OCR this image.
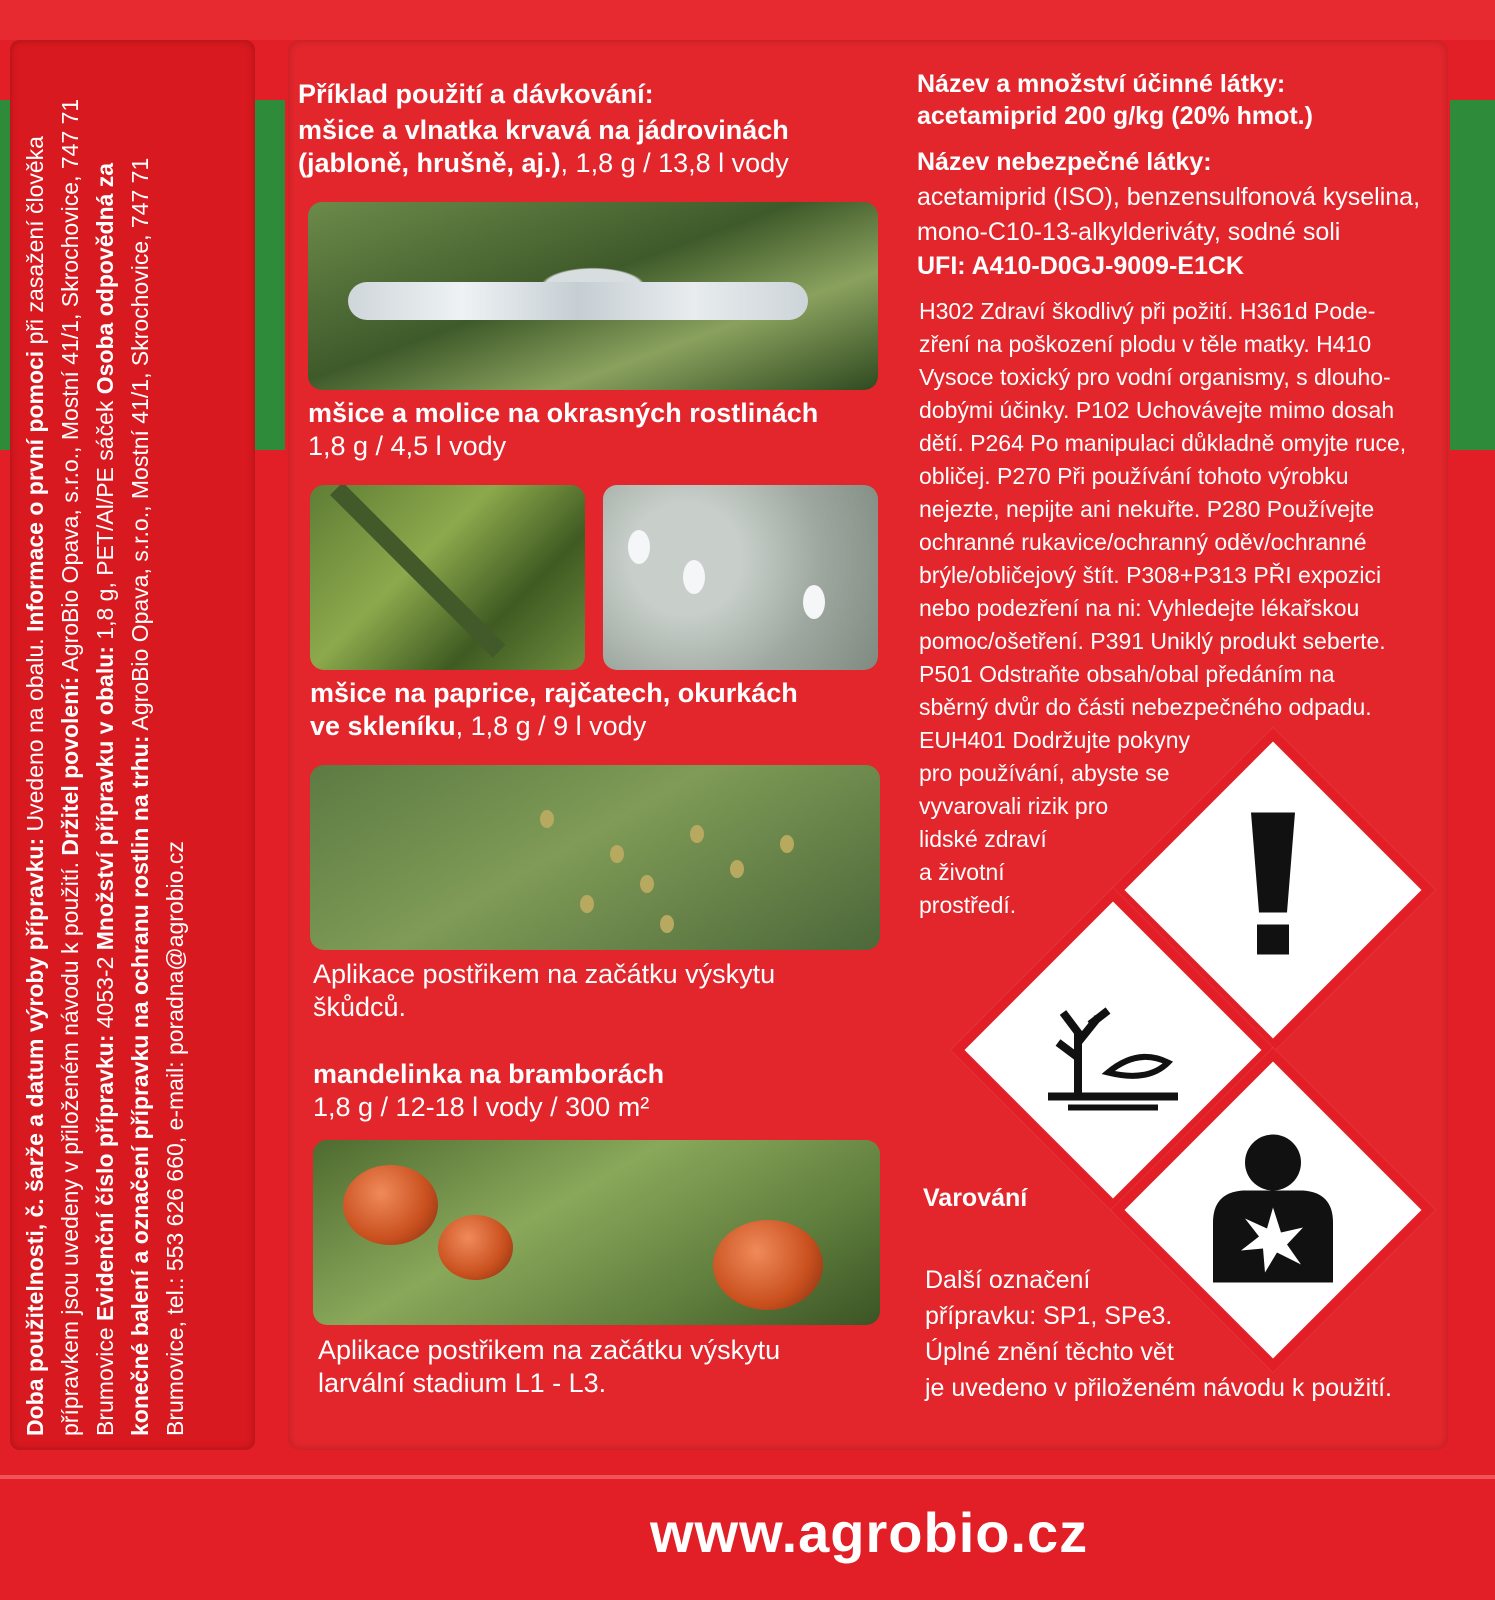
Doba použitelnosti, č. šarže a datum výroby přípravku: Uvedeno na obalu. Informace o první pomoci při zasažení člověka přípravkem jsou uvedeny v přiloženém návodu k použití. Držitel povolení: AgroBio Opava, s.r.o., Mostní 41/1, Skrochovice, 747 71 Brumovice Evidenční číslo přípravku: 4053-2 Množství přípravku v obalu: 1,8 g, PET/Al/PE sáček Osoba odpovědná za konečné balení a označení přípravku na ochranu rostlin na trhu: AgroBio Opava, s.r.o., Mostní 41/1, Skrochovice, 747 71 Brumovice, tel.: 553 626 660, e-mail: poradna@agrobio.cz
Příklad použití a dávkování:
mšice a vlnatka krvavá na jádrovinách
(jabloně, hrušně, aj.), 1,8 g / 13,8 l vody
mšice a molice na okrasných rostlinách
1,8 g / 4,5 l vody
mšice na paprice, rajčatech, okurkách
ve skleníku, 1,8 g / 9 l vody
Aplikace postřikem na začátku výskytu
škůdců.
mandelinka na bramborách
1,8 g / 12-18 l vody / 300 m²
Aplikace postřikem na začátku výskytu
larvální stadium L1 - L3.
Název a množství účinné látky:
acetamiprid 200 g/kg (20% hmot.)
Název nebezpečné látky:
acetamiprid (ISO), benzensulfonová kyselina,
mono-C10-13-alkylderiváty, sodné soli
UFI: A410-D0GJ-9009-E1CK
H302 Zdraví škodlivý při požití. H361d Pode-
zření na poškození plodu v těle matky. H410
Vysoce toxický pro vodní organismy, s dlouho-
dobými účinky. P102 Uchovávejte mimo dosah
dětí. P264 Po manipulaci důkladně omyjte ruce,
obličej. P270 Při používání tohoto výrobku
nejezte, nepijte ani nekuřte. P280 Používejte
ochranné rukavice/ochranný oděv/ochranné
brýle/obličejový štít. P308+P313 PŘI expozici
nebo podezření na ni: Vyhledejte lékařskou
pomoc/ošetření. P391 Uniklý produkt seberte.
P501 Odstraňte obsah/obal předáním na
sběrný dvůr do části nebezpečného odpadu.
EUH401 Dodržujte pokyny
pro používání, abyste se
vyvarovali rizik pro
lidské zdraví
a životní
prostředí.
Varování
Další označení
přípravku: SP1, SPe3.
Úplné znění těchto vět
je uvedeno v přiloženém návodu k použití.
www.agrobio.cz
